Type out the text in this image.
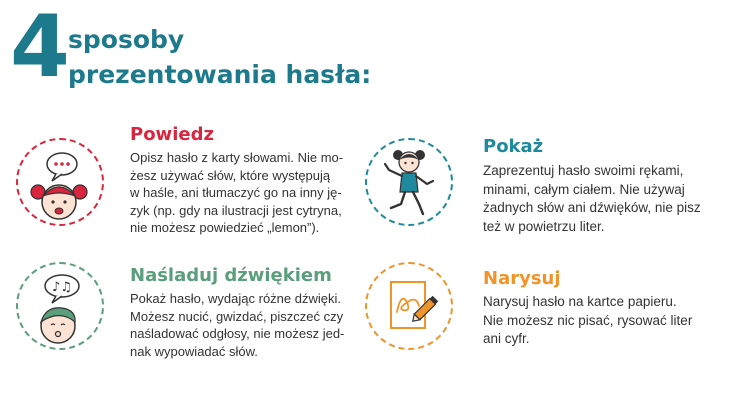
4
sposoby
prezentowania hasła:
Powiedz
Opisz hasło z karty słowami. Nie mo-
żesz używać słów, które występują
w haśle, ani tłumaczyć go na inny ję-
zyk (np. gdy na ilustracji jest cytryna,
nie możesz powiedzieć „lemon”).
Pokaż
Zaprezentuj hasło swoimi rękami,
minami, całym ciałem. Nie używaj
żadnych słów ani dźwięków, nie pisz
też w powietrzu liter.
♪♫
Naśladuj dźwiękiem
Pokaż hasło, wydając różne dźwięki.
Możesz nucić, gwizdać, piszczeć czy
naśladować odgłosy, nie możesz jed-
nak wypowiadać słów.
Narysuj
Narysuj hasło na kartce papieru.
Nie możesz nic pisać, rysować liter
ani cyfr.
